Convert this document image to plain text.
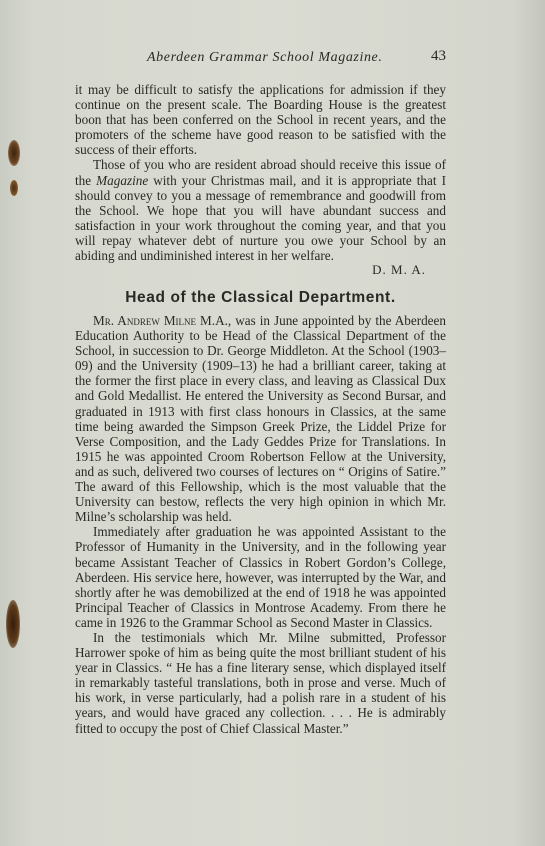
Aberdeen Grammar School Magazine.	43

it may be difficult to satisfy the applications for admission if they continue on the present scale. The Boarding House is the greatest boon that has been conferred on the School in recent years, and the promoters of the scheme have good reason to be satisfied with the success of their efforts.

Those of you who are resident abroad should receive this issue of the Magazine with your Christmas mail, and it is appropriate that I should convey to you a message of remembrance and goodwill from the School. We hope that you will have abundant success and satisfaction in your work throughout the coming year, and that you will repay whatever debt of nurture you owe your School by an abiding and undiminished interest in her welfare.

D. M. A.
Head of the Classical Department.

Mr. Andrew Milne M.A., was in June appointed by the Aberdeen Education Authority to be Head of the Classical Department of the School, in succession to Dr. George Middleton. At the School (1903–09) and the University (1909–13) he had a brilliant career, taking at the former the first place in every class, and leaving as Classical Dux and Gold Medallist. He entered the University as Second Bursar, and graduated in 1913 with first class honours in Classics, at the same time being awarded the Simpson Greek Prize, the Liddel Prize for Verse Composition, and the Lady Geddes Prize for Translations. In 1915 he was appointed Croom Robertson Fellow at the University, and as such, delivered two courses of lectures on “ Origins of Satire.” The award of this Fellowship, which is the most valuable that the University can bestow, reflects the very high opinion in which Mr. Milne’s scholarship was held.

Immediately after graduation he was appointed Assistant to the Professor of Humanity in the University, and in the following year became Assistant Teacher of Classics in Robert Gordon’s College, Aberdeen. His service here, however, was interrupted by the War, and shortly after he was demobilized at the end of 1918 he was appointed Principal Teacher of Classics in Montrose Academy. From there he came in 1926 to the Grammar School as Second Master in Classics.

In the testimonials which Mr. Milne submitted, Professor Harrower spoke of him as being quite the most brilliant student of his year in Classics. “ He has a fine literary sense, which displayed itself in remarkably tasteful translations, both in prose and verse. Much of his work, in verse particularly, had a polish rare in a student of his years, and would have graced any collection. . . . He is admirably fitted to occupy the post of Chief Classical Master.”
